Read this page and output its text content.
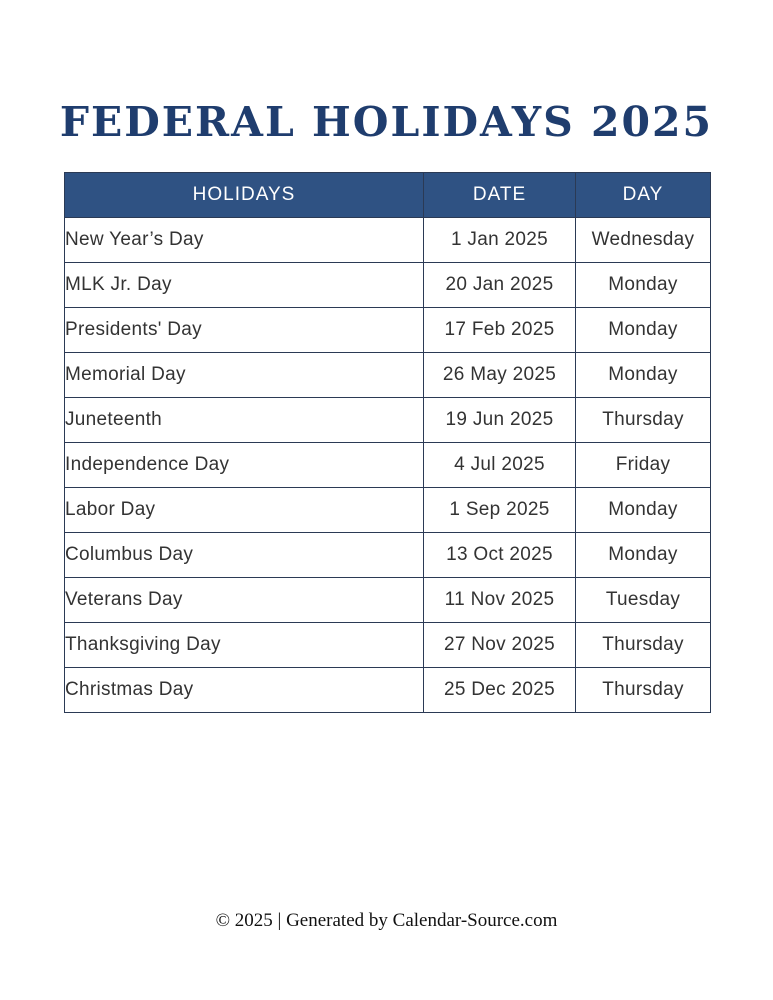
FEDERAL HOLIDAYS 2025
HOLIDAYS	DATE	DAY
New Year’s Day	1 Jan 2025	Wednesday
MLK Jr. Day	20 Jan 2025	Monday
Presidents' Day	17 Feb 2025	Monday
Memorial Day	26 May 2025	Monday
Juneteenth	19 Jun 2025	Thursday
Independence Day	4 Jul 2025	Friday
Labor Day	1 Sep 2025	Monday
Columbus Day	13 Oct 2025	Monday
Veterans Day	11 Nov 2025	Tuesday
Thanksgiving Day	27 Nov 2025	Thursday
Christmas Day	25 Dec 2025	Thursday
© 2025 | Generated by Calendar-Source.com
